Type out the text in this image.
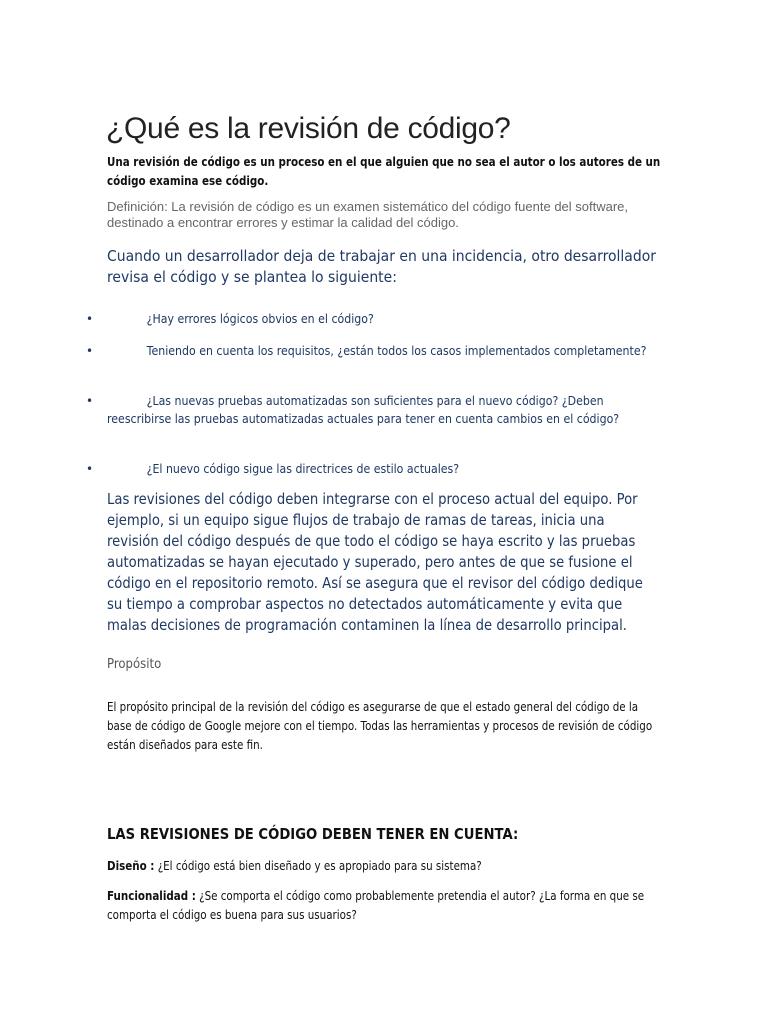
¿Qué es la revisión de código?
Una revisión de código es un proceso en el que alguien que no sea el autor o los autores de un código examina ese código.
Definición: La revisión de código es un examen sistemático del código fuente del software, destinado a encontrar errores y estimar la calidad del código.
Cuando un desarrollador deja de trabajar en una incidencia, otro desarrollador revisa el código y se plantea lo siguiente:
•	¿Hay errores lógicos obvios en el código?
•	Teniendo en cuenta los requisitos, ¿están todos los casos implementados completamente?
•	¿Las nuevas pruebas automatizadas son suficientes para el nuevo código? ¿Deben reescribirse las pruebas automatizadas actuales para tener en cuenta cambios en el código?
•	¿El nuevo código sigue las directrices de estilo actuales?
Las revisiones del código deben integrarse con el proceso actual del equipo. Por ejemplo, si un equipo sigue flujos de trabajo de ramas de tareas, inicia una revisión del código después de que todo el código se haya escrito y las pruebas automatizadas se hayan ejecutado y superado, pero antes de que se fusione el código en el repositorio remoto. Así se asegura que el revisor del código dedique su tiempo a comprobar aspectos no detectados automáticamente y evita que malas decisiones de programación contaminen la línea de desarrollo principal.
Propósito
El propósito principal de la revisión del código es asegurarse de que el estado general del código de la base de código de Google mejore con el tiempo. Todas las herramientas y procesos de revisión de código están diseñados para este fin.
LAS REVISIONES DE CÓDIGO DEBEN TENER EN CUENTA:
Diseño : ¿El código está bien diseñado y es apropiado para su sistema?
Funcionalidad : ¿Se comporta el código como probablemente pretendia el autor? ¿La forma en que se comporta el código es buena para sus usuarios?
